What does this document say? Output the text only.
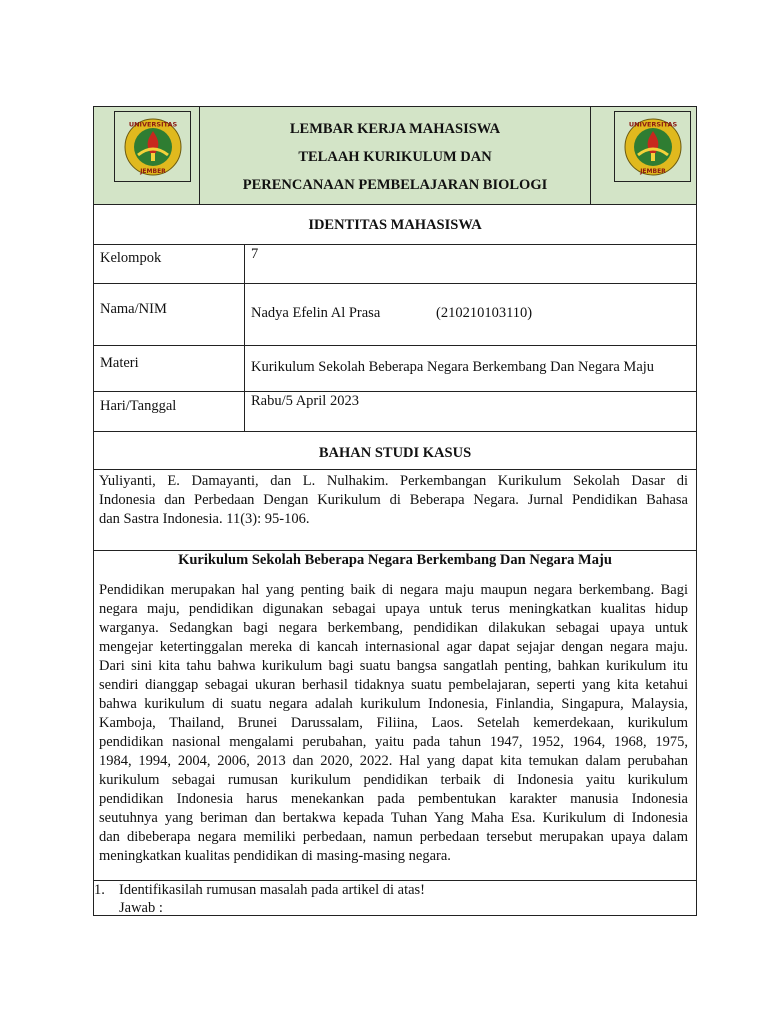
UNIVERSITAS
JEMBER
LEMBAR KERJA MAHASISWA
TELAAH KURIKULUM DAN
PERENCANAAN PEMBELAJARAN BIOLOGI
UNIVERSITAS
JEMBER
IDENTITAS MAHASISWA
Kelompok	7
Nama/NIM	Nadya Efelin Al Prasa	(210210103110)
Materi	Kurikulum Sekolah Beberapa Negara Berkembang Dan Negara Maju
Hari/Tanggal	Rabu/5 April 2023
BAHAN STUDI KASUS
Yuliyanti, E. Damayanti, dan L. Nulhakim. Perkembangan Kurikulum Sekolah Dasar di
Indonesia dan Perbedaan Dengan Kurikulum di Beberapa Negara. Jurnal Pendidikan Bahasa
dan Sastra Indonesia. 11(3): 95-106.
Kurikulum Sekolah Beberapa Negara Berkembang Dan Negara Maju
Pendidikan merupakan hal yang penting baik di negara maju maupun negara berkembang. Bagi
negara maju, pendidikan digunakan sebagai upaya untuk terus meningkatkan kualitas hidup
warganya. Sedangkan bagi negara berkembang, pendidikan dilakukan sebagai upaya untuk
mengejar ketertinggalan mereka di kancah internasional agar dapat sejajar dengan negara maju.
Dari sini kita tahu bahwa kurikulum bagi suatu bangsa sangatlah penting, bahkan kurikulum itu
sendiri dianggap sebagai ukuran berhasil tidaknya suatu pembelajaran, seperti yang kita ketahui
bahwa kurikulum di suatu negara adalah kurikulum Indonesia, Finlandia, Singapura, Malaysia,
Kamboja, Thailand, Brunei Darussalam, Filiina, Laos. Setelah kemerdekaan, kurikulum
pendidikan nasional mengalami perubahan, yaitu pada tahun 1947, 1952, 1964, 1968, 1975,
1984, 1994, 2004, 2006, 2013 dan 2020, 2022. Hal yang dapat kita temukan dalam perubahan
kurikulum sebagai rumusan kurikulum pendidikan terbaik di Indonesia yaitu kurikulum
pendidikan Indonesia harus menekankan pada pembentukan karakter manusia Indonesia
seutuhnya yang beriman dan bertakwa kepada Tuhan Yang Maha Esa. Kurikulum di Indonesia
dan dibeberapa negara memiliki perbedaan, namun perbedaan tersebut merupakan upaya dalam
meningkatkan kualitas pendidikan di masing-masing negara.
1. Identifikasilah rumusan masalah pada artikel di atas!
Jawab :
